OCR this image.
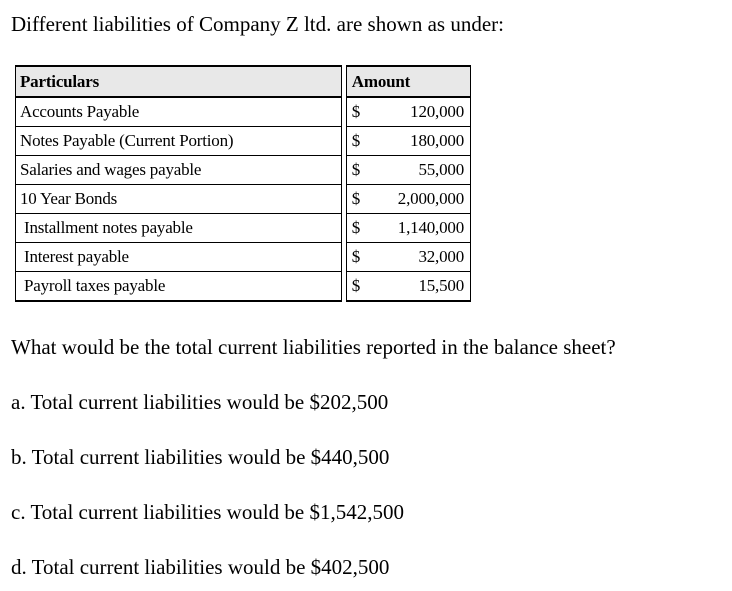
Different liabilities of Company Z ltd. are shown as under:
Particulars		Amount
Accounts Payable		$ 120,000

Notes Payable (Current Portion)		$ 180,000

Salaries and wages payable		$ 55,000

10 Year Bonds		$ 2,000,000

Installment notes payable		$ 1,140,000

Interest payable		$ 32,000

Payroll taxes payable		$ 15,500
What would be the total current liabilities reported in the balance sheet?
a. Total current liabilities would be $202,500
b. Total current liabilities would be $440,500
c. Total current liabilities would be $1,542,500
d. Total current liabilities would be $402,500
